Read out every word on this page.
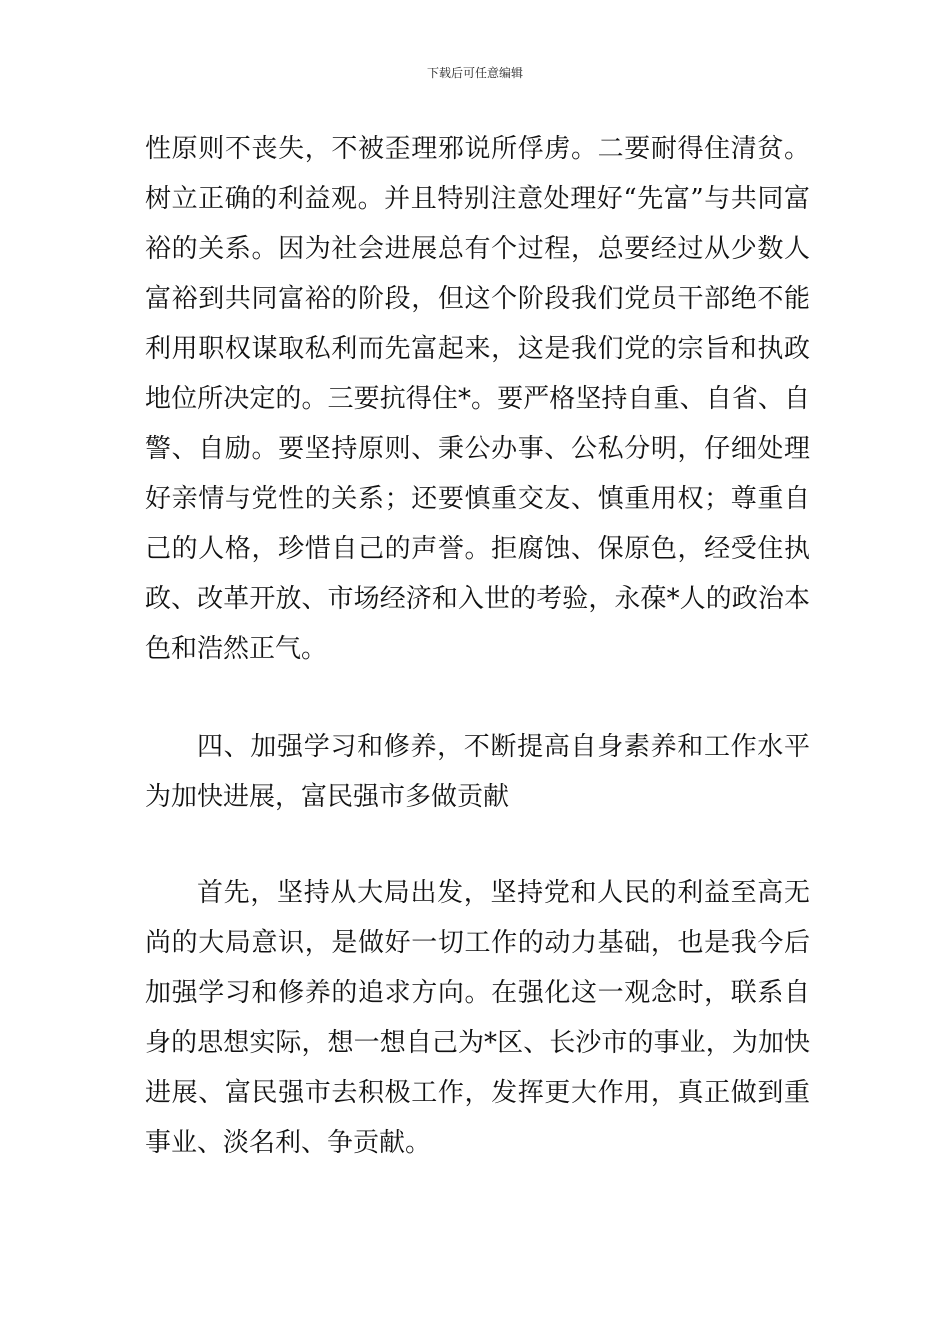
下载后可任意编辑

性原则不丧失，不被歪理邪说所俘虏。二要耐得住清贫。树立正确的利益观。并且特别注意处理好“先富”与共同富裕的关系。因为社会进展总有个过程，总要经过从少数人富裕到共同富裕的阶段，但这个阶段我们党员干部绝不能利用职权谋取私利而先富起来，这是我们党的宗旨和执政地位所决定的。三要抗得住*。要严格坚持自重、自省、自警、自励。要坚持原则、秉公办事、公私分明，仔细处理好亲情与党性的关系；还要慎重交友、慎重用权；尊重自己的人格，珍惜自己的声誉。拒腐蚀、保原色，经受住执政、改革开放、市场经济和入世的考验，永葆*人的政治本色和浩然正气。

四、加强学习和修养，不断提高自身素养和工作水平为加快进展，富民强市多做贡献

首先，坚持从大局出发，坚持党和人民的利益至高无尚的大局意识，是做好一切工作的动力基础，也是我今后加强学习和修养的追求方向。在强化这一观念时，联系自身的思想实际，想一想自己为*区、长沙市的事业，为加快进展、富民强市去积极工作，发挥更大作用，真正做到重事业、淡名利、争贡献。
